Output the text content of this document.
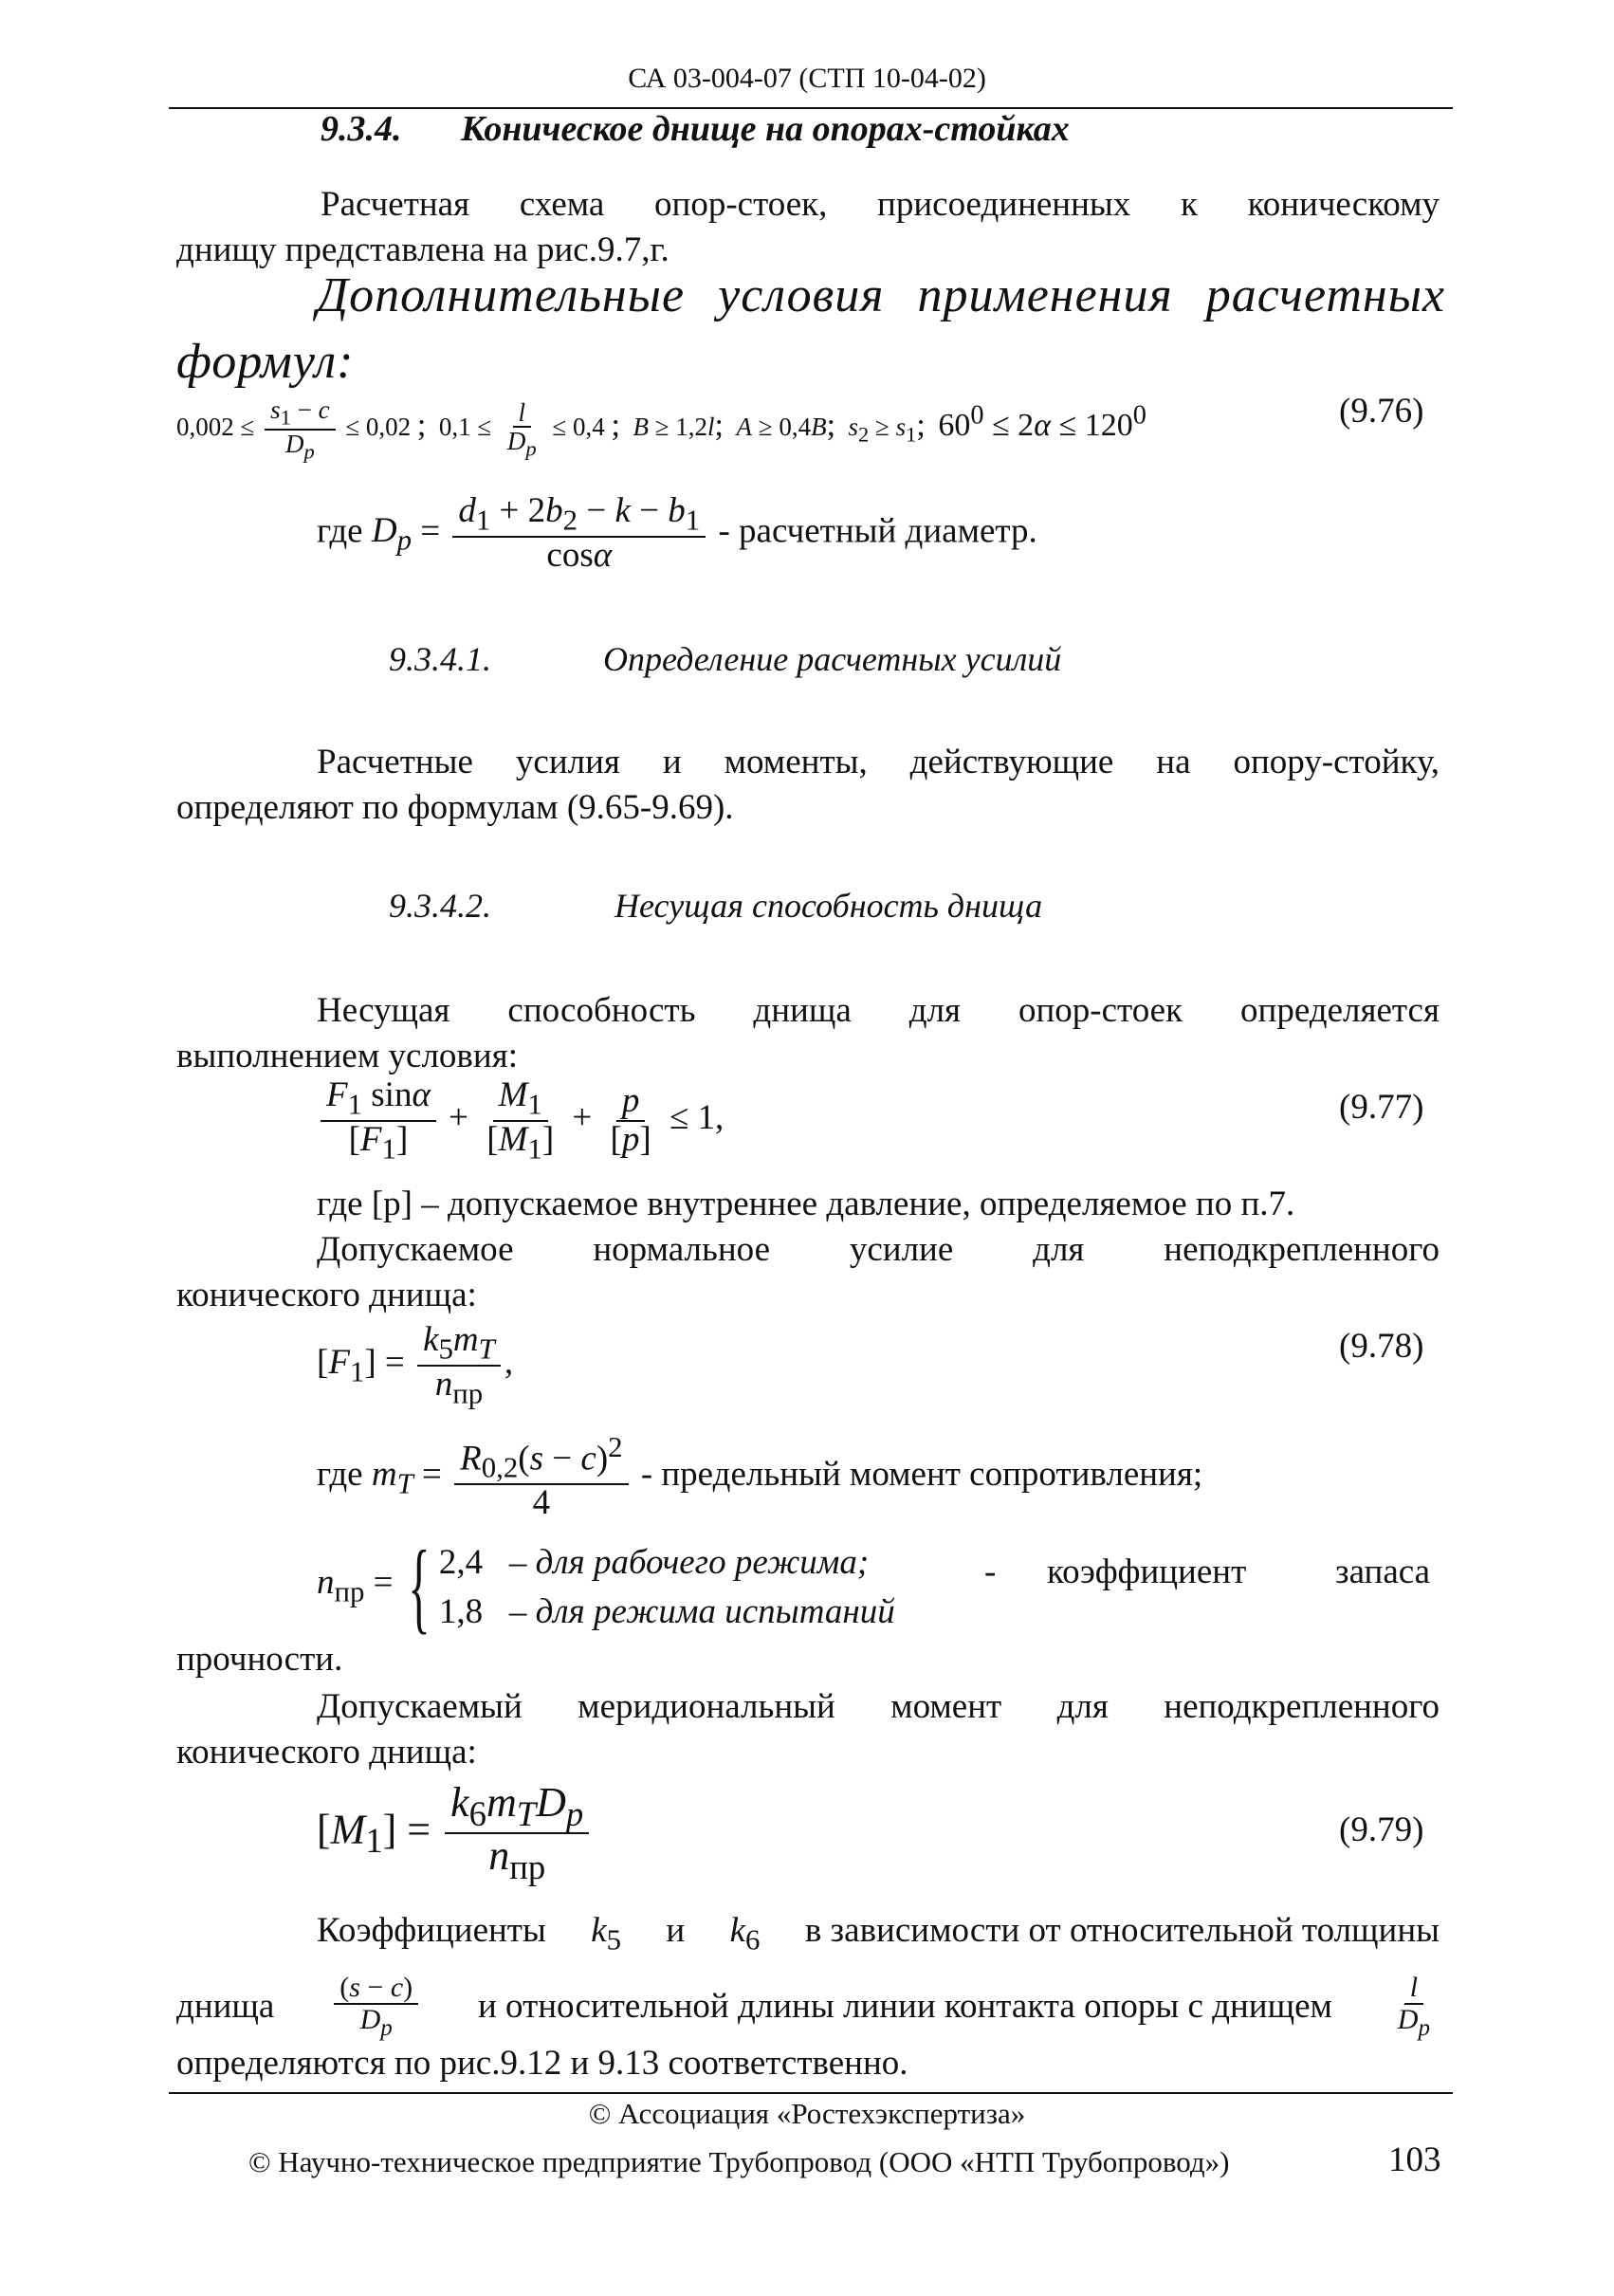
СА 03-004-07 (СТП 10-04-02)
9.3.4. Коническое днище на опорах-стойках
Расчетная схема опор-стоек, присоединенных к коническому
днищу представлена на рис.9.7,г.
Дополнительные условия применения расчетных
формул:
$0,002 \le \frac{s_1 - c}{D_p} \le 0,02$ ;  $0,1 \le \frac{l}{D_p} \le 0,4$ ; B ≥ 1,2l; A ≥ 0,4B; $s_2 \ge s_1$; $60^0 \le 2\alpha \le 120^0$	(9.76)
где $D_p = \frac{d_1 + 2b_2 - k - b_1}{\cos\alpha}$ - расчетный диаметр.
9.3.4.1.	Определение расчетных усилий
Расчетные усилия и моменты, действующие на опору-стойку,
определяют по формулам (9.65-9.69).
9.3.4.2.	Несущая способность днища
Несущая способность днища для опор-стоек определяется
выполнением условия:
$\frac{F_1 \sin\alpha}{[F_1]} + \frac{M_1}{[M_1]} + \frac{p}{[p]} \le 1$,	(9.77)
где [p] – допускаемое внутреннее давление, определяемое по п.7.
Допускаемое нормальное усилие для неподкрепленного
конического днища:
$[F_1] = \frac{k_5m_T}{n_{пр}}$ ,	(9.78)
где $m_T = \frac{R_{0,2}(s - c)^2}{4}$ - предельный момент сопротивления;
$n_{пр}$ = { 2,4   – для рабочего режима;
1,8   – для режима испытаний
- коэффициент	запаса
прочности.
Допускаемый меридиональный момент для неподкрепленного
конического днища:
$[M_1] = \frac{k_6m_TD_p}{n_{пр}}$	(9.79)
Коэффициенты $k_5$ и $k_6$ в зависимости от относительной толщины
днища $\frac{(s - c)}{D_p}$ и относительной длины линии контакта опоры с днищем $\frac{l}{D_p}$
определяются по рис.9.12 и 9.13 соответственно.
© Ассоциация «Ростехэкспертиза»
© Научно-техническое предприятие Трубопровод (ООО «НТП Трубопровод»)	103
